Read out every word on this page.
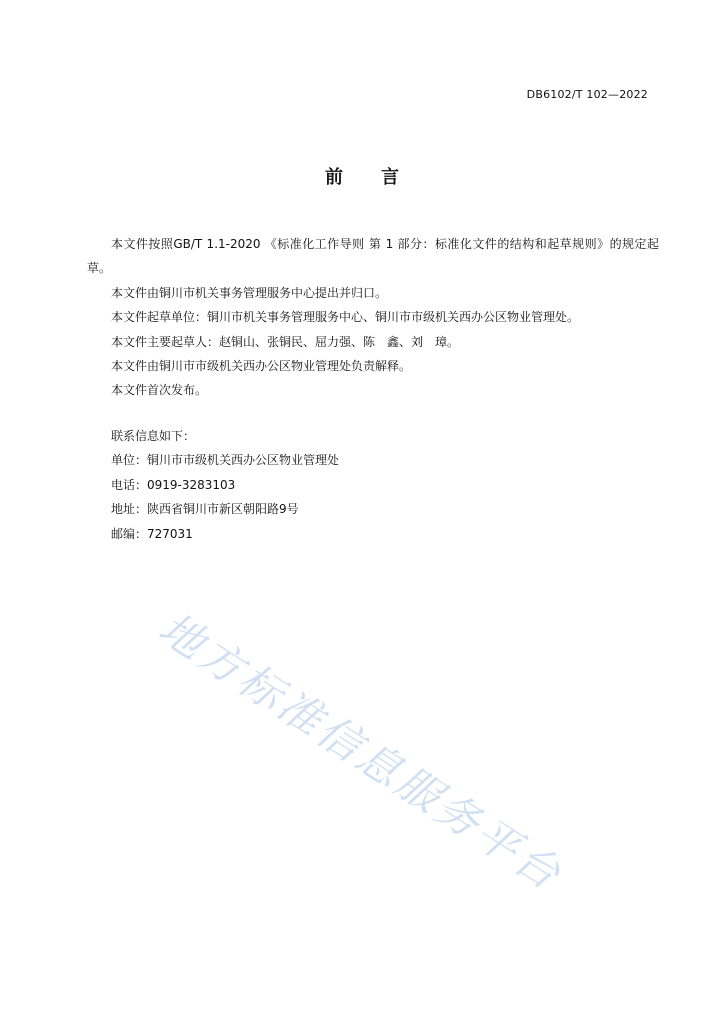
DB6102/T 102—2022
前 言

本文件按照GB/T 1.1-2020 《标准化工作导则 第 1 部分：标准化文件的结构和起草规则》的规定起草。

本文件由铜川市机关事务管理服务中心提出并归口。

本文件起草单位：铜川市机关事务管理服务中心、铜川市市级机关西办公区物业管理处。

本文件主要起草人：赵铜山、张铜民、屈力强、陈　鑫、刘　璋。

本文件由铜川市市级机关西办公区物业管理处负责解释。

本文件首次发布。

联系信息如下：
单位：铜川市市级机关西办公区物业管理处
电话：0919-3283103
地址：陕西省铜川市新区朝阳路9号
邮编：727031
地方标准信息服务平台
